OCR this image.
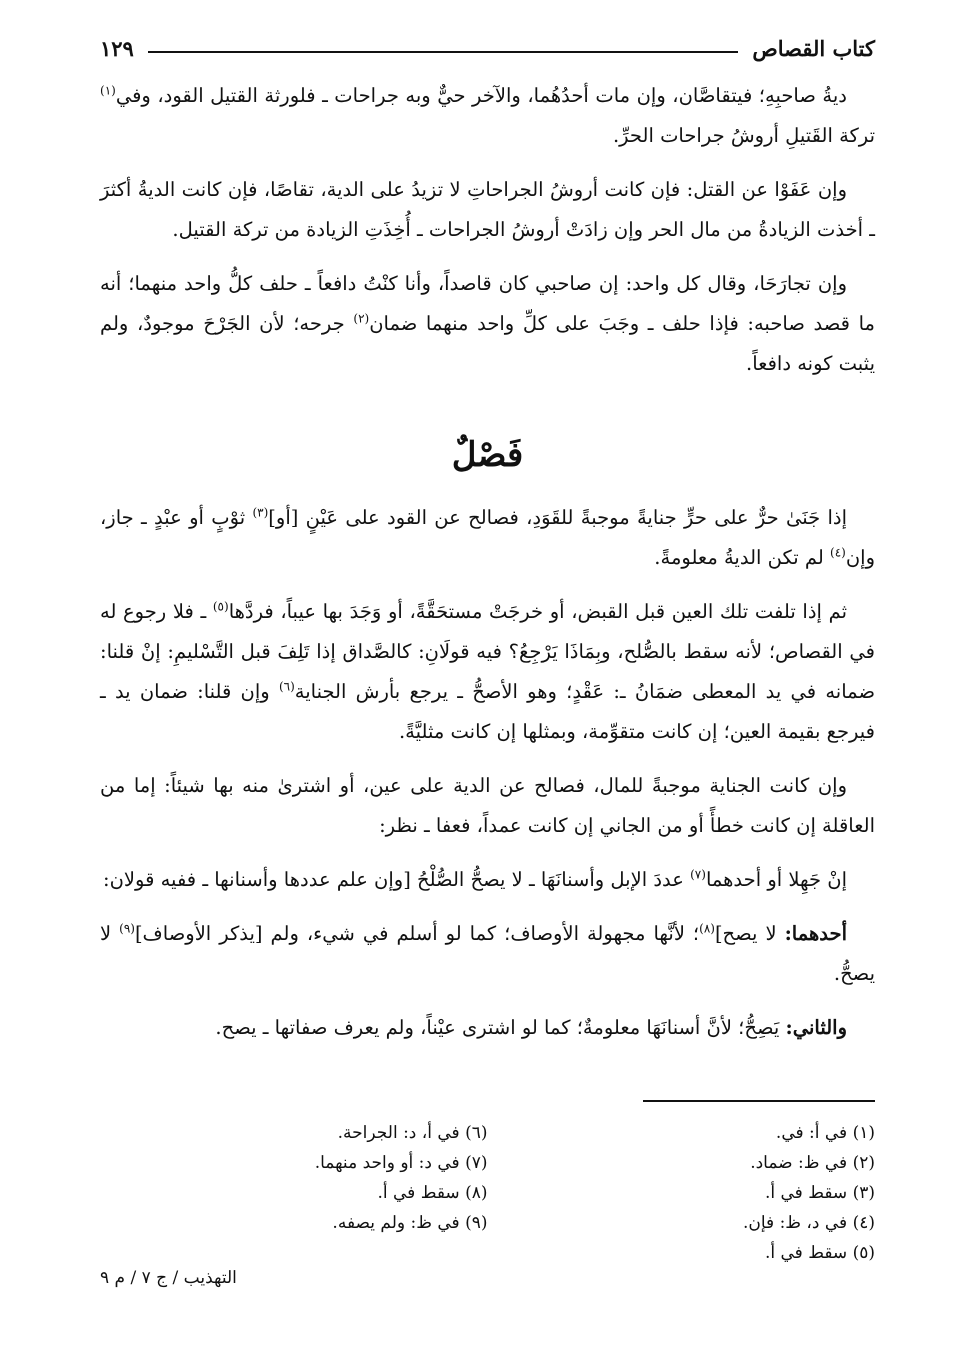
كتاب القصاص
١٢٩

ديةُ صاحبِهِ؛ فيتقاصَّان، وإن مات أحدُهُما، والآخر حيٌّ وبه جراحات ـ فلورثة القتيل القود، وفي$^{(١)}$ تركة القَتيلِ أروشُ جراحات الحرِّ.

وإن عَفَوْا عن القتل: فإن كانت أروشُ الجراحاتِ لا تزيدُ على الدية، تقاصًا، فإن كانت الديةُ أكثرَ ـ أخذت الزيادةُ من مال الحر وإن زادَتْ أروشُ الجراحات ـ أُخِذَتِ الزيادة من تركة القتيل.

وإن تجارَحَا، وقال كل واحد: إن صاحبي كان قاصداً، وأنا كنْتُ دافعاً ـ حلف كلُّ واحد منهما؛ أنه ما قصد صاحبه: فإذا حلف ـ وجَبَ على كلِّ واحد منهما ضمان$^{(٢)}$ جرحه؛ لأن الجَرْحَ موجودٌ، ولم يثبت كونه دافعاً.

فَصْلٌ

إذا جَنَىٰ حرٌّ على حرٍّ جنايةً موجبةً للقَوَدِ، فصالح عن القود على عَيْنٍ [أو]$^{(٣)}$ ثوْبٍ أو عبْدٍ ـ جاز، وإن$^{(٤)}$ لم تكن الديةُ معلومةً.

ثم إذا تلفت تلك العين قبل القبض، أو خرجَتْ مستحَقَّةً، أو وَجَدَ بها عيباً، فردَّها$^{(٥)}$ ـ فلا رجوع له في القصاص؛ لأنه سقط بالصُّلح، وبِمَاذَا يَرْجِعُ؟ فيه قولَانِ: كالصَّداق إذا تَلِفَ قبل التَّسْليمِ: إنْ قلنا: ضمانه في يد المعطى ضمَانُ ـ: عَقْدٍ؛ وهو الأصحُّ ـ يرجع بأرش الجناية$^{(٦)}$ وإن قلنا: ضمان يد ـ فيرجع بقيمة العين؛ إن كانت متقوِّمة، وبمثلها إن كانت مثليَّةً.

وإن كانت الجناية موجبةً للمال، فصالح عن الدية على عين، أو اشترىٰ منه بها شيئاً: إما من العاقلة إن كانت خطأً أو من الجاني إن كانت عمداً، فعفا ـ نظر:

إنْ جَهِلا أو أحدهما$^{(٧)}$ عددَ الإبل وأسنانَهَا ـ لا يصحُّ الصُّلْحُ [وإن علم عددها وأسنانها ـ ففيه قولان:

أحدهما: لا يصح]$^{(٨)}$؛ لأنَّها مجهولة الأوصاف؛ كما لو أسلم في شيء، ولم [يذكر الأوصاف]$^{(٩)}$ لا يصحُّ.

والثاني: يَصِحُّ؛ لأنَّ أسنانَهَا معلومةٌ؛ كما لو اشترى عيْناً، ولم يعرف صفاتها ـ يصح.

(١) في أ: في.
(٢) في ظ: ضماد.
(٣) سقط في أ.
(٤) في د، ظ: فإن.
(٥) سقط في أ.
(٦) في أ، د: الجراحة.
(٧) في د: أو واحد منهما.
(٨) سقط في أ.
(٩) في ظ: ولم يصفه.
التهذيب / ج ٧ / م ٩
